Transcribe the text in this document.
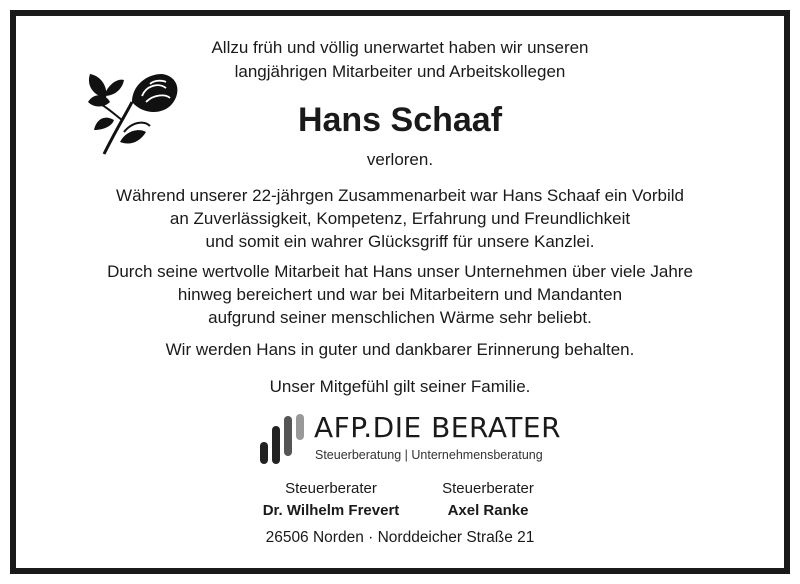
Allzu früh und völlig unerwartet haben wir unseren
langjährigen Mitarbeiter und Arbeitskollegen
Hans Schaaf
verloren.
Während unserer 22-jährgen Zusammenarbeit war Hans Schaaf ein Vorbild
an Zuverlässigkeit, Kompetenz, Erfahrung und Freundlichkeit
und somit ein wahrer Glücksgriff für unsere Kanzlei.
Durch seine wertvolle Mitarbeit hat Hans unser Unternehmen über viele Jahre
hinweg bereichert und war bei Mitarbeitern und Mandanten
aufgrund seiner menschlichen Wärme sehr beliebt.
Wir werden Hans in guter und dankbarer Erinnerung behalten.
Unser Mitgefühl gilt seiner Familie.
AFP.DIE BERATER
Steuerberatung | Unternehmensberatung
Steuerberater
Dr. Wilhelm Frevert
Steuerberater
Axel Ranke
26506 Norden · Norddeicher Straße 21
